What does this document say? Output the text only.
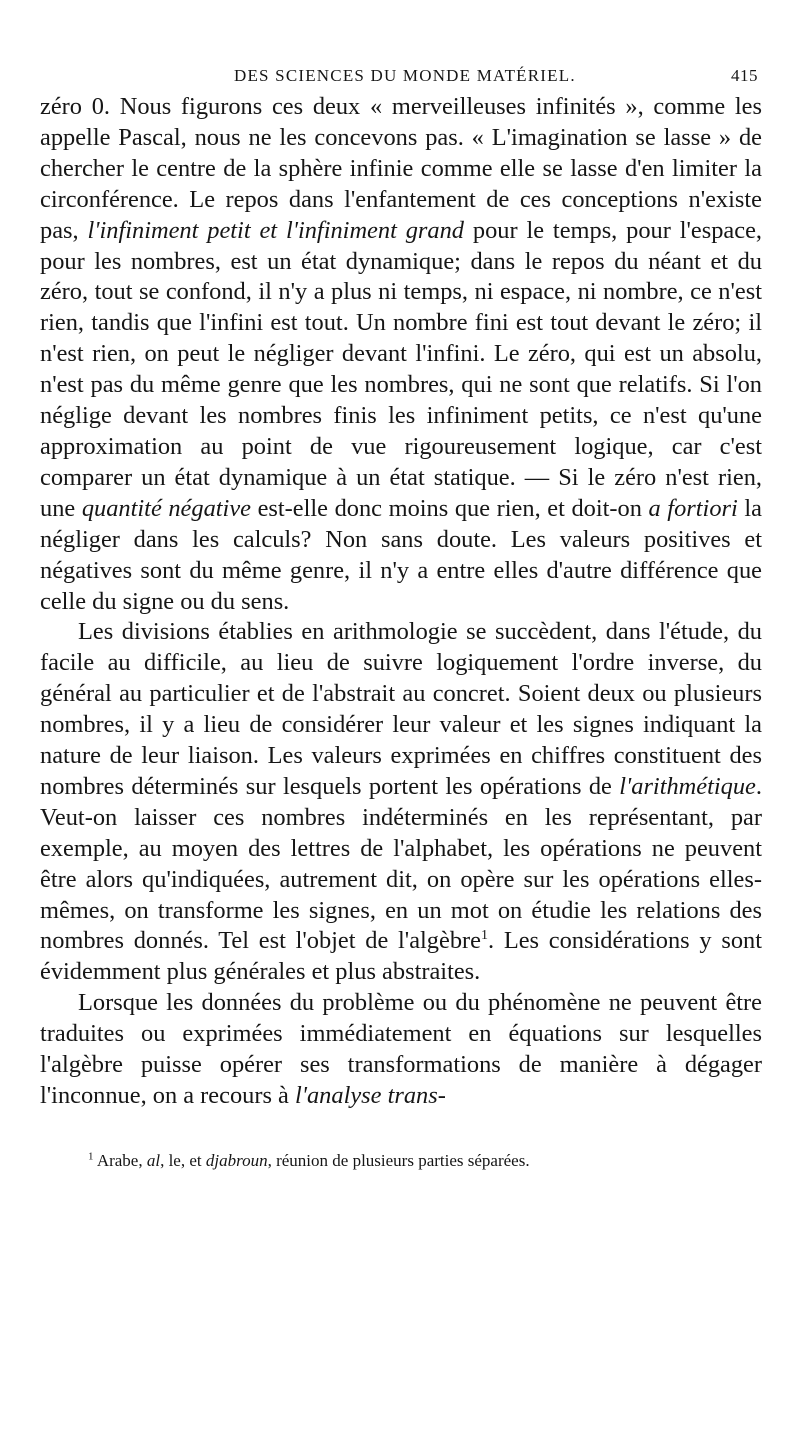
DES SCIENCES DU MONDE MATÉRIEL.	415

zéro 0. Nous figurons ces deux « merveilleuses infinités », comme les appelle Pascal, nous ne les concevons pas. « L'imagination se lasse » de chercher le centre de la sphère infinie comme elle se lasse d'en limiter la circonférence. Le repos dans l'enfantement de ces conceptions n'existe pas, l'infiniment petit et l'infiniment grand pour le temps, pour l'espace, pour les nombres, est un état dynamique; dans le repos du néant et du zéro, tout se confond, il n'y a plus ni temps, ni espace, ni nombre, ce n'est rien, tandis que l'infini est tout. Un nombre fini est tout devant le zéro; il n'est rien, on peut le négliger devant l'infini. Le zéro, qui est un absolu, n'est pas du même genre que les nombres, qui ne sont que relatifs. Si l'on néglige devant les nombres finis les infiniment petits, ce n'est qu'une approximation au point de vue rigoureusement logique, car c'est comparer un état dynamique à un état statique. — Si le zéro n'est rien, une quantité négative est-elle donc moins que rien, et doit-on a fortiori la négliger dans les calculs? Non sans doute. Les valeurs positives et négatives sont du même genre, il n'y a entre elles d'autre différence que celle du signe ou du sens.

Les divisions établies en arithmologie se succèdent, dans l'étude, du facile au difficile, au lieu de suivre logiquement l'ordre inverse, du général au particulier et de l'abstrait au concret. Soient deux ou plusieurs nombres, il y a lieu de considérer leur valeur et les signes indiquant la nature de leur liaison. Les valeurs exprimées en chiffres constituent des nombres déterminés sur lesquels portent les opérations de l'arithmétique. Veut-on laisser ces nombres indéterminés en les représentant, par exemple, au moyen des lettres de l'alphabet, les opérations ne peuvent être alors qu'indiquées, autrement dit, on opère sur les opérations elles-mêmes, on transforme les signes, en un mot on étudie les relations des nombres donnés. Tel est l'objet de l'algèbre$^1$. Les considérations y sont évidemment plus générales et plus abstraites.

Lorsque les données du problème ou du phénomène ne peuvent être traduites ou exprimées immédiatement en équations sur lesquelles l'algèbre puisse opérer ses transformations de manière à dégager l'inconnue, on a recours à l'analyse trans-

$^1$ Arabe, al, le, et djabroun, réunion de plusieurs parties séparées.
